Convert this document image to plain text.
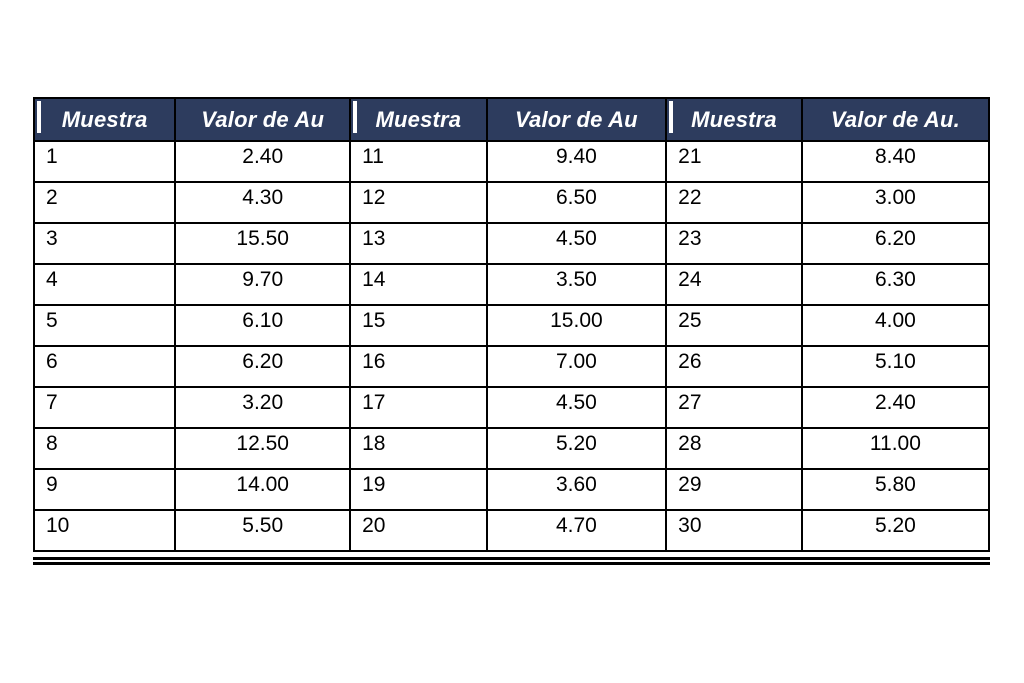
Muestra	Valor de Au	Muestra	Valor de Au	Muestra	Valor de Au.
1	2.40	11	9.40	21	8.40
2	4.30	12	6.50	22	3.00
3	15.50	13	4.50	23	6.20
4	9.70	14	3.50	24	6.30
5	6.10	15	15.00	25	4.00
6	6.20	16	7.00	26	5.10
7	3.20	17	4.50	27	2.40
8	12.50	18	5.20	28	11.00
9	14.00	19	3.60	29	5.80
10	5.50	20	4.70	30	5.20
